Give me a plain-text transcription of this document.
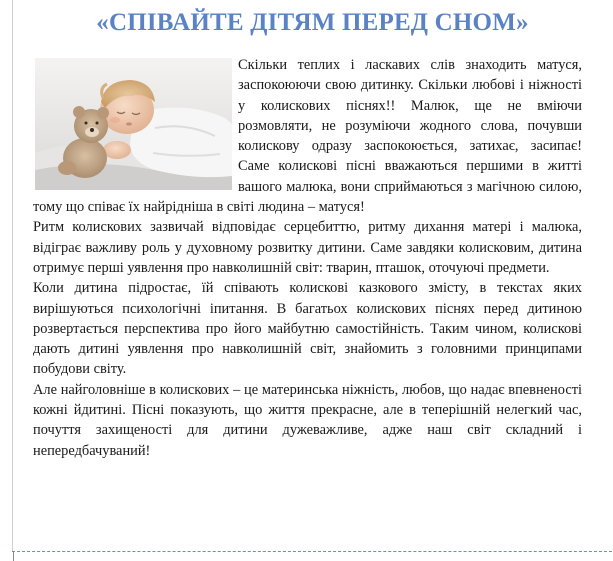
«СПІВАЙТЕ ДІТЯМ ПЕРЕД СНОМ»

Скільки теплих і ласкавих слів знаходить матуся, заспокоюючи свою дитинку. Скільки любові і ніжності у колискових піснях!! Малюк, ще не вміючи розмовляти, не розуміючи жодного слова, почувши колискову одразу заспокоюється, затихає, засипає! Саме колискові пісні вважаються першими в житті вашого малюка, вони сприймаються з магічною силою, тому що співає їх найрідніша в світі людина – матуся!

Ритм колискових зазвичай відповідає серцебиттю, ритму дихання матері і малюка, відіграє важливу роль у духовному розвитку дитини. Саме завдяки колисковим, дитина отримує перші уявлення про навколишній світ: тварин, пташок, оточуючі предмети.

Коли дитина підростає, їй співають колискові казкового змісту, в текстах яких вирішуються психологічні іпитання. В багатьох колискових піснях перед дитиною розвертається перспектива про його майбутню самостійність. Таким чином, колискові дають дитині уявлення про навколишній світ, знайомить з головними принципами побудови світу.

Але найголовніше в колискових – це материнська ніжність, любов, що надає впевненості кожні йдитині. Пісні показують, що життя прекрасне, але в теперішній нелегкий час, почуття захищеності для дитини дужеважливе, адже наш світ складний і непередбачуваний!
